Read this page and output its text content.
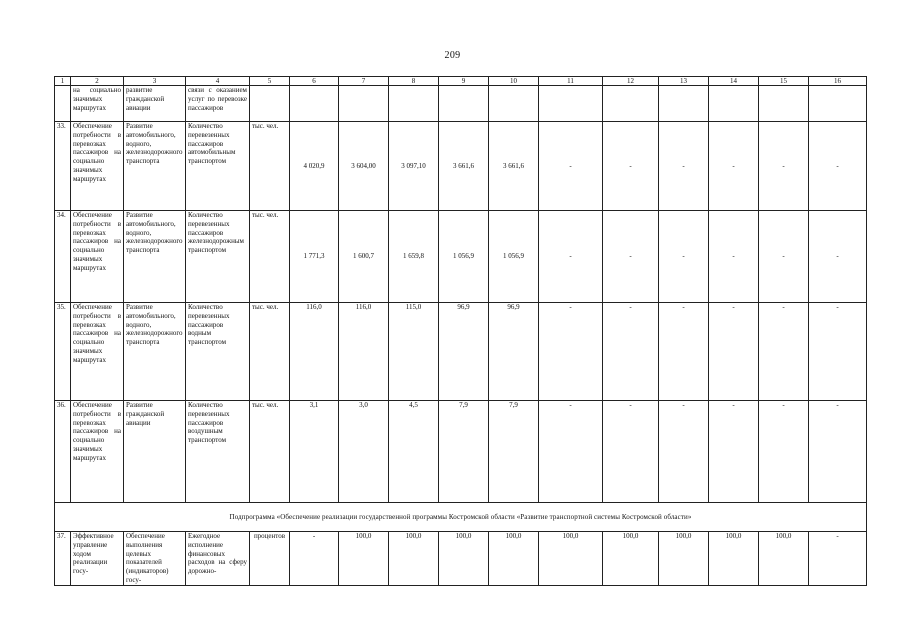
209
1	2	3	4	5	6	7	8	9	10	11	12	13	14	15	16
	на социально значимых маршрутах	развитие гражданской авиации	связи с оказанием услуг по перевозке пассажиров												
33.	Обеспечение потребности в перевозках пассажиров на социально значимых маршрутах	Развитие автомобильного, водного, железнодорожного транспорта	Количество перевезенных пассажиров автомобильным транспортом	тыс. чел.	4 020,9	3 604,00	3 097,10	3 661,6	3 661,6	-	-	-	-	-	-
34.	Обеспечение потребности в перевозках пассажиров на социально значимых маршрутах	Развитие автомобильного, водного, железнодорожного транспорта	Количество перевезенных пассажиров железнодорожным транспортом	тыс. чел.	1 771,3	1 600,7	1 659,8	1 056,9	1 056,9	-	-	-	-	-	-
35.	Обеспечение потребности в перевозках пассажиров на социально значимых маршрутах	Развитие автомобильного, водного, железнодорожного транспорта	Количество перевезенных пассажиров водным транспортом	тыс. чел.	116,0	116,0	115,0	96,9	96,9	-	-	-	-	-	-
36.	Обеспечение потребности в перевозках пассажиров на социально значимых маршрутах	Развитие гражданской авиации	Количество перевезенных пассажиров воздушным транспортом	тыс. чел.	3,1	3,0	4,5	7,9	7,9	-	-	-	-	-	-
Подпрограмма «Обеспечение реализации государственной программы Костромской области «Развитие транспортной системы Костромской области»															
37.	Эффективное управление ходом реализации госу-	Обеспечение выполнения целевых показателей (индикаторов) госу-	Ежегодное исполнение финансовых расходов на сферу дорожно-	процентов	-	100,0	100,0	100,0	100,0	100,0	100,0	100,0	100,0	100,0	-
